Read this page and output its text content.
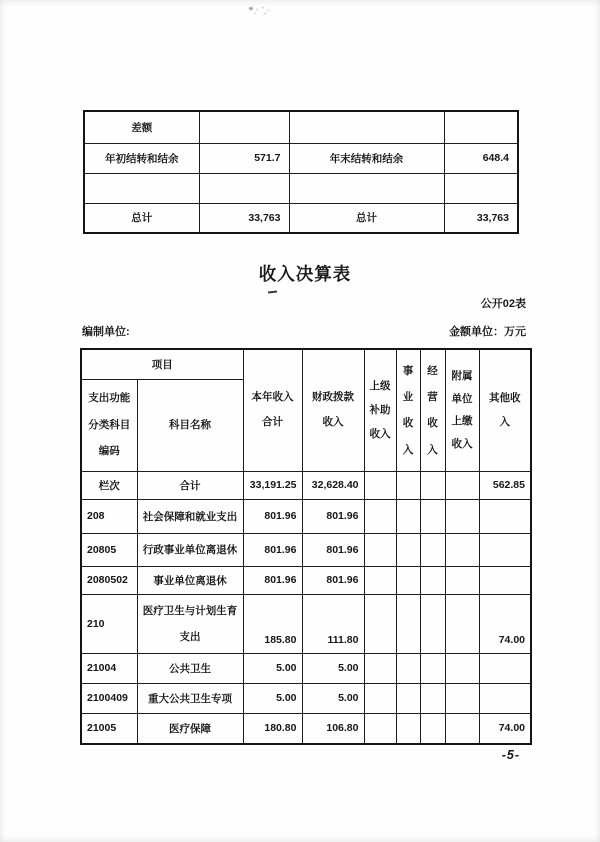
差额			
年初结转和结余	571.7	年末结转和结余	648.4

总计	33,763	总计	33,763
收入决算表
公开02表
编制单位:	金额单位：万元
项目		本年收入合计	财政拨款收入	上级补助收入	事业收入	经营收入	附属单位上缴收入	其他收入
支出功能分类科目编码	科目名称							
栏次	合计	33,191.25	32,628.40					562.85
208	社会保障和就业支出	801.96	801.96					
20805	行政事业单位离退休	801.96	801.96					
2080502	事业单位离退休	801.96	801.96					
210	医疗卫生与计划生育支出	185.80	111.80					74.00
21004	公共卫生	5.00	5.00					
2100409	重大公共卫生专项	5.00	5.00					
21005	医疗保障	180.80	106.80					74.00
-5-
